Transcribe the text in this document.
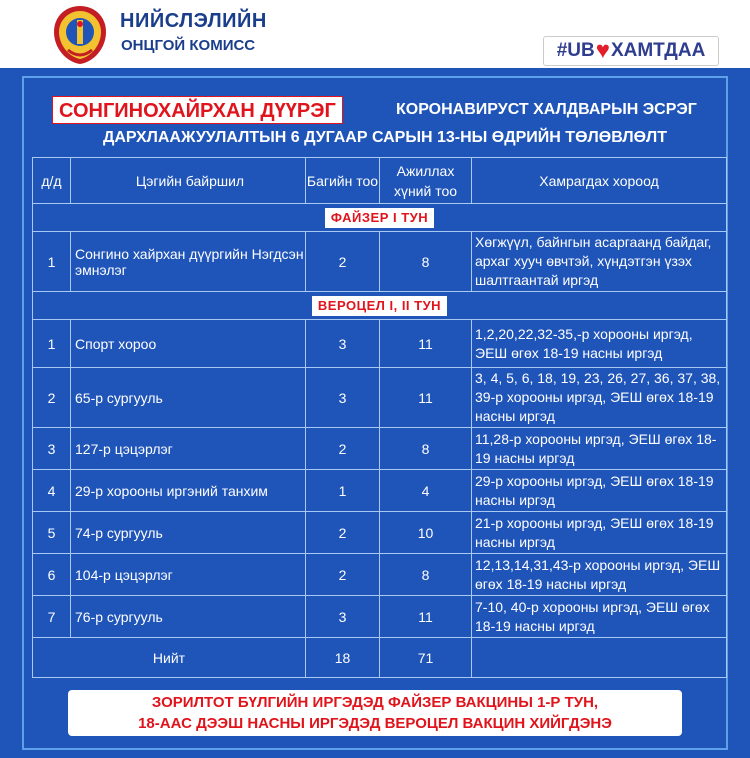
НИЙСЛЭЛИЙН
ОНЦГОЙ КОМИСС	#UB ♥ ХАМТДАА
СОНГИНОХАЙРХАН ДҮҮРЭГ	КОРОНАВИРУСТ ХАЛДВАРЫН ЭСРЭГ
ДАРХЛААЖУУЛАЛТЫН 6 ДУГААР САРЫН 13-НЫ ӨДРИЙН ТӨЛӨВЛӨЛТ
д/д	Цэгийн байршил	Багийн тоо	Ажиллах хүний тоо	Хамрагдах хороод
ФАЙЗЕР I ТУН				
1	Сонгино хайрхан дүүргийн Нэгдсэн эмнэлэг	2	8	Хөгжүүл, байнгын асаргаанд байдаг, архаг хууч өвчтэй, хүндэтгэн үзэх шалтгаантай иргэд
ВЕРОЦЕЛ I, II ТУН				
1	Спорт хороо	3	11	1,2,20,22,32-35,-р хорооны иргэд, ЭЕШ өгөх 18-19 насны иргэд
2	65-р сургууль	3	11	3, 4, 5, 6, 18, 19, 23, 26, 27, 36, 37, 38, 39-р хорооны иргэд, ЭЕШ өгөх 18-19 насны иргэд
3	127-р цэцэрлэг	2	8	11,28-р хорооны иргэд, ЭЕШ өгөх 18-19 насны иргэд
4	29-р хорооны иргэний танхим	1	4	29-р хорооны иргэд, ЭЕШ өгөх 18-19 насны иргэд
5	74-р сургууль	2	10	21-р хорооны иргэд, ЭЕШ өгөх 18-19 насны иргэд
6	104-р цэцэрлэг	2	8	12,13,14,31,43-р хорооны иргэд, ЭЕШ өгөх 18-19 насны иргэд
7	76-р сургууль	3	11	7-10, 40-р хорооны иргэд, ЭЕШ өгөх 18-19 насны иргэд
Нийт		18	71	
ЗОРИЛТОТ БҮЛГИЙН ИРГЭДЭД ФАЙЗЕР ВАКЦИНЫ 1-Р ТУН,
18-ААС ДЭЭШ НАСНЫ ИРГЭДЭД ВЕРОЦЕЛ ВАКЦИН ХИЙГДЭНЭ
